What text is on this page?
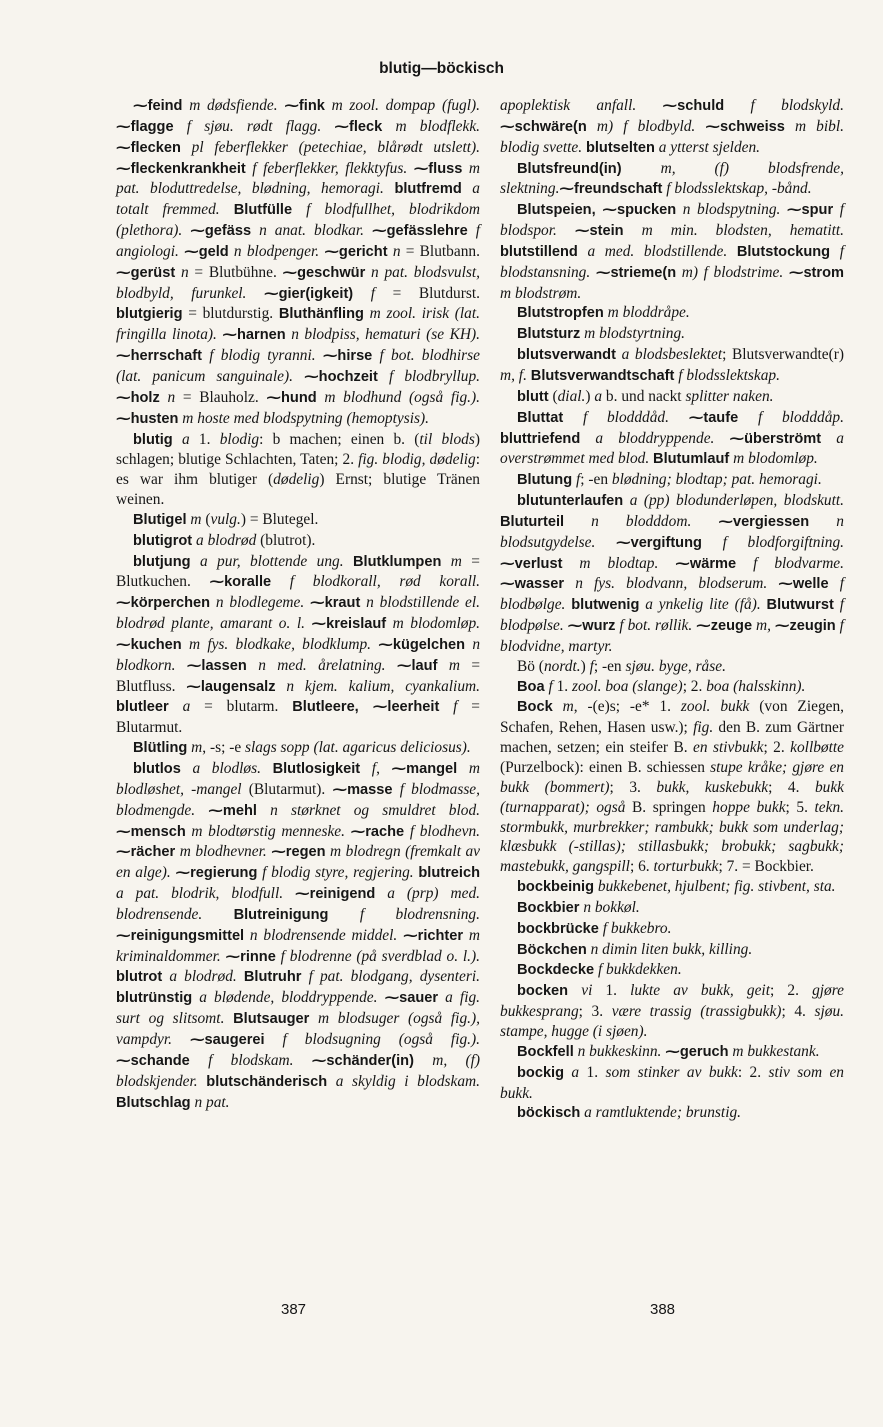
blutig—böckisch

⁓feind m dødsfiende. ⁓fink m zool. dompap (fugl). ⁓flagge f sjøu. rødt flagg. ⁓fleck m blodflekk. ⁓flecken pl feberflekker (petechiae, blårødt utslett). ⁓fleckenkrankheit f feberflekker, flekktyfus. ⁓fluss m pat. bloduttredelse, blødning, hemoragi. blutfremd a totalt fremmed. Blutfülle f blodfullhet, blodrikdom (plethora). ⁓gefäss n anat. blodkar. ⁓gefässlehre f angiologi. ⁓geld n blodpenger. ⁓gericht n = Blutbann. ⁓gerüst n = Blutbühne. ⁓geschwür n pat. blodsvulst, blodbyld, furunkel. ⁓gier(igkeit) f = Blutdurst. blutgierig = blutdurstig. Bluthänfling m zool. irisk (lat. fringilla linota). ⁓harnen n blodpiss, hematuri (se KH). ⁓herrschaft f blodig tyranni. ⁓hirse f bot. blodhirse (lat. panicum sanguinale). ⁓hochzeit f blodbryllup. ⁓holz n = Blauholz. ⁓hund m blodhund (også fig.). ⁓husten m hoste med blodspytning (hemoptysis).

blutig a 1. blodig: b machen; einen b. (til blods) schlagen; blutige Schlachten, Taten; 2. fig. blodig, dødelig: es war ihm blutiger (dødelig) Ernst; blutige Tränen weinen.

Blutigel m (vulg.) = Blutegel.

blutigrot a blodrød (blutrot).

blutjung a pur, blottende ung. Blutklumpen m = Blutkuchen. ⁓koralle f blodkorall, rød korall. ⁓körperchen n blodlegeme. ⁓kraut n blodstillende el. blodrød plante, amarant o. l. ⁓kreislauf m blodomløp. ⁓kuchen m fys. blodkake, blodklump. ⁓kügelchen n blodkorn. ⁓lassen n med. årelatning. ⁓lauf m = Blutfluss. ⁓laugensalz n kjem. kalium, cyankalium. blutleer a = blutarm. Blutleere, ⁓leerheit f = Blutarmut.

Blütling m, -s; -e slags sopp (lat. agaricus deliciosus).

blutlos a blodløs. Blutlosigkeit f, ⁓mangel m blodløshet, -mangel (Blutarmut). ⁓masse f blodmasse, blodmengde. ⁓mehl n størknet og smuldret blod. ⁓mensch m blodtørstig menneske. ⁓rache f blodhevn. ⁓rächer m blodhevner. ⁓regen m blodregn (fremkalt av en alge). ⁓regierung f blodig styre, regjering. blutreich a pat. blodrik, blodfull. ⁓reinigend a (prp) med. blodrensende. Blutreinigung f blodrensning. ⁓reinigungsmittel n blodrensende middel. ⁓richter m kriminaldommer. ⁓rinne f blodrenne (på sverdblad o. l.). blutrot a blodrød. Blutruhr f pat. blodgang, dysenteri. blutrünstig a blødende, bloddryppende. ⁓sauer a fig. surt og slitsomt. Blutsauger m blodsuger (også fig.), vampdyr. ⁓saugerei f blodsugning (også fig.). ⁓schande f blodskam. ⁓schänder(in) m, (f) blodskjender. blutschänderisch a skyldig i blodskam. Blutschlag n pat.

apoplektisk anfall. ⁓schuld f blodskyld. ⁓schwäre(n m) f blodbyld. ⁓schweiss m bibl. blodig svette. blutselten a ytterst sjelden.

Blutsfreund(in)	m, (f) blodsfrende, slektning.⁓freundschaft f blodsslektskap, -bånd.

Blutspeien, ⁓spucken n blodspytning. ⁓spur f blodspor. ⁓stein m min. blodsten, hematitt. blutstillend a med. blodstillende. Blutstockung f blodstansning. ⁓strieme(n m) f blodstrime. ⁓strom m blodstrøm.

Blutstropfen m bloddråpe.

Blutsturz m blodstyrtning.

blutsverwandt a blodsbeslektet; Blutsverwandte(r) m, f. Blutsverwandtschaft f blodsslektskap.

blutt (dial.) a b. und nackt splitter naken.

Bluttat f blodddåd. ⁓taufe f blodddåp. bluttriefend a bloddryppende. ⁓überströmt a overstrømmet med blod. Blutumlauf m blodomløp.

Blutung f; -en blødning; blodtap; pat. hemoragi.

blutunterlaufen a (pp) blodunderløpen, blodskutt. Bluturteil n blodddom. ⁓vergiessen n blodsutgydelse. ⁓vergiftung f blodforgiftning. ⁓verlust m blodtap. ⁓wärme f blodvarme. ⁓wasser n fys. blodvann, blodserum. ⁓welle f blodbølge. blutwenig a ynkelig lite (få). Blutwurst f blodpølse. ⁓wurz f bot. røllik. ⁓zeuge m, ⁓zeugin f blodvidne, martyr.

Bö (nordt.) f; -en sjøu. byge, råse.

Boa f 1. zool. boa (slange); 2. boa (halsskinn).

Bock m, -(e)s; -e* 1. zool. bukk (von Ziegen, Schafen, Rehen, Hasen usw.); fig. den B. zum Gärtner machen, setzen; ein steifer B. en stivbukk; 2. kollbøtte (Purzelbock): einen B. schiessen stupe kråke; gjøre en bukk (bommert); 3. bukk, kuskebukk; 4. bukk (turnapparat); også B. springen hoppe bukk; 5. tekn. stormbukk, murbrekker; rambukk; bukk som underlag; klæsbukk (-stillas); stillasbukk; brobukk; sagbukk; mastebukk, gangspill; 6. torturbukk; 7. = Bockbier.

bockbeinig bukkebenet, hjulbent; fig. stivbent, sta.

Bockbier n bokkøl.

bockbrücke f bukkebro.

Böckchen n dimin liten bukk, killing.

Bockdecke f bukkdekken.

bocken vi 1. lukte av bukk, geit; 2. gjøre bukkesprang; 3. være trassig (trassigbukk); 4. sjøu. stampe, hugge (i sjøen).

Bockfell n bukkeskinn. ⁓geruch m bukkestank.

bockig a 1. som stinker av bukk: 2. stiv som en bukk.

böckisch a ramtluktende; brunstig.

387	388
